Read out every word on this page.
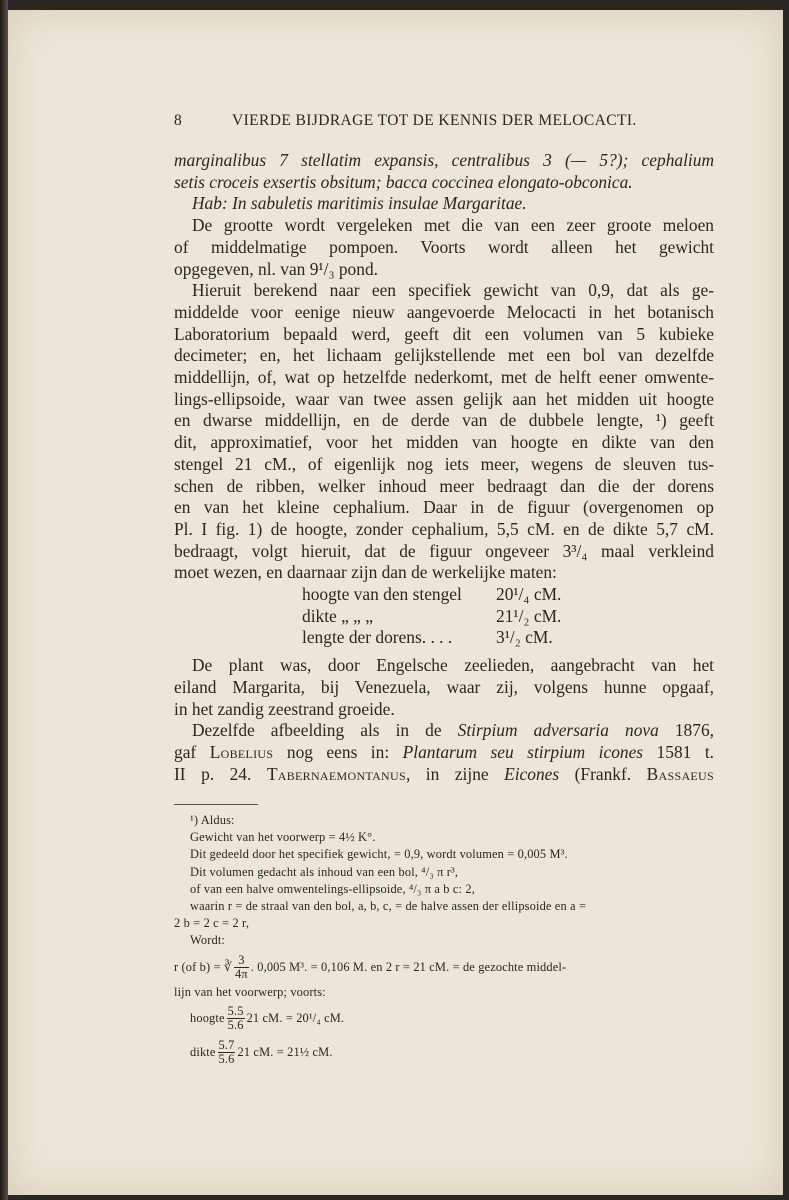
8	VIERDE BIJDRAGE TOT DE KENNIS DER MELOCACTI.

marginalibus 7 stellatim expansis, centralibus 3 (— 5?); cephalium

setis croceis exsertis obsitum; bacca coccinea elongato-obconica.

Hab: In sabuletis maritimis insulae Margaritae.

De grootte wordt vergeleken met die van een zeer groote meloen

of middelmatige pompoen. Voorts wordt alleen het gewicht

opgegeven, nl. van 9¹/₃ pond.

Hieruit berekend naar een specifiek gewicht van 0,9, dat als ge-

middelde voor eenige nieuw aangevoerde Melocacti in het botanisch

Laboratorium bepaald werd, geeft dit een volumen van 5 kubieke

decimeter; en, het lichaam gelijkstellende met een bol van dezelfde

middellijn, of, wat op hetzelfde nederkomt, met de helft eener omwente-

lings-ellipsoide, waar van twee assen gelijk aan het midden uit hoogte

en dwarse middellijn, en de derde van de dubbele lengte, ¹) geeft

dit, approximatief, voor het midden van hoogte en dikte van den

stengel 21 cM., of eigenlijk nog iets meer, wegens de sleuven tus-

schen de ribben, welker inhoud meer bedraagt dan die der dorens

en van het kleine cephalium. Daar in de figuur (overgenomen op

Pl. I fig. 1) de hoogte, zonder cephalium, 5,5 cM. en de dikte 5,7 cM.

bedraagt, volgt hieruit, dat de figuur ongeveer 3³/₄ maal verkleind

moet wezen, en daarnaar zijn dan de werkelijke maten:

hoogte van den stengel 20¹/₄ cM.
dikte „ „ „	21¹/₂ cM.
lengte der dorens. . . .	3¹/₂ cM.

De plant was, door Engelsche zeelieden, aangebracht van het

eiland Margarita, bij Venezuela, waar zij, volgens hunne opgaaf,

in het zandig zeestrand groeide.

Dezelfde afbeelding als in de Stirpium adversaria nova 1876,

gaf Lobelius nog eens in: Plantarum seu stirpium icones 1581 t.

II p. 24. Tabernaemontanus, in zijne Eicones (Frankf. Bassaeus

¹) Aldus:
Gewicht van het voorwerp = 4½ K°.
Dit gedeeld door het specifiek gewicht, = 0,9, wordt volumen = 0,005 M³.
Dit volumen gedacht als inhoud van een bol, ⁴/₃ π r³,
of van een halve omwentelings-ellipsoide, ⁴/₃ π a b c: 2,
waarin r = de straal van den bol, a, b, c, = de halve assen der ellipsoide en a =
2 b = 2 c = 2 r,
Wordt:
r (of b) = ∛ $\frac{3}{4\pi}$ . 0,005 M³. = 0,106 M. en 2 r = 21 cM. = de gezochte middel-
lijn van het voorwerp; voorts:
hoogte $\frac{5.5}{5.6} 21$ cM. = 20¹/₄ cM.
dikte $\frac{5.7}{5.6} 21$ cM. = 21½ cM.
